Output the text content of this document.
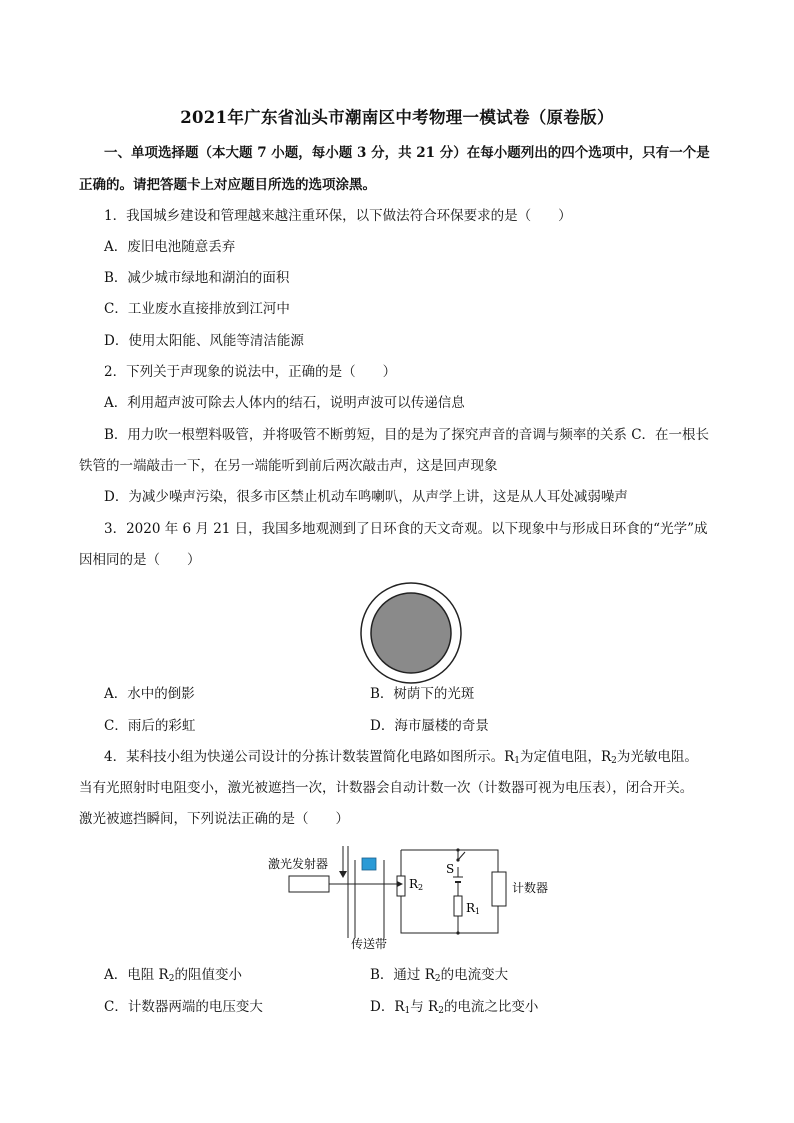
2021年广东省汕头市潮南区中考物理一模试卷（原卷版）
一、单项选择题（本大题 7 小题，每小题 3 分，共 21 分）在每小题列出的四个选项中，只有一个是
正确的。请把答题卡上对应题目所选的选项涂黑。
1．我国城乡建设和管理越来越注重环保，以下做法符合环保要求的是（　　）
A．废旧电池随意丢弃
B．减少城市绿地和湖泊的面积
C．工业废水直接排放到江河中
D．使用太阳能、风能等清洁能源
2．下列关于声现象的说法中，正确的是（　　）
A．利用超声波可除去人体内的结石，说明声波可以传递信息
B．用力吹一根塑料吸管，并将吸管不断剪短，目的是为了探究声音的音调与频率的关系 C．在一根长
铁管的一端敲击一下，在另一端能听到前后两次敲击声，这是回声现象
D．为减少噪声污染，很多市区禁止机动车鸣喇叭，从声学上讲，这是从人耳处减弱噪声
3．2020 年 6 月 21 日，我国多地观测到了日环食的天文奇观。以下现象中与形成日环食的“光学”成
因相同的是（　　）
A．水中的倒影	B．树荫下的光斑
C．雨后的彩虹	D．海市蜃楼的奇景
4．某科技小组为快递公司设计的分拣计数装置简化电路如图所示。$R_1$为定值电阻，$R_2$为光敏电阻。
当有光照射时电阻变小，激光被遮挡一次，计数器会自动计数一次（计数器可视为电压表），闭合开关。
激光被遮挡瞬间，下列说法正确的是（　　）
激光发射器
传送带
R2
R1
S
计数器
A．电阻 $R_2$的阻值变小	B．通过 $R_2$的电流变大
C．计数器两端的电压变大	D．$R_1$与 $R_2$的电流之比变小
